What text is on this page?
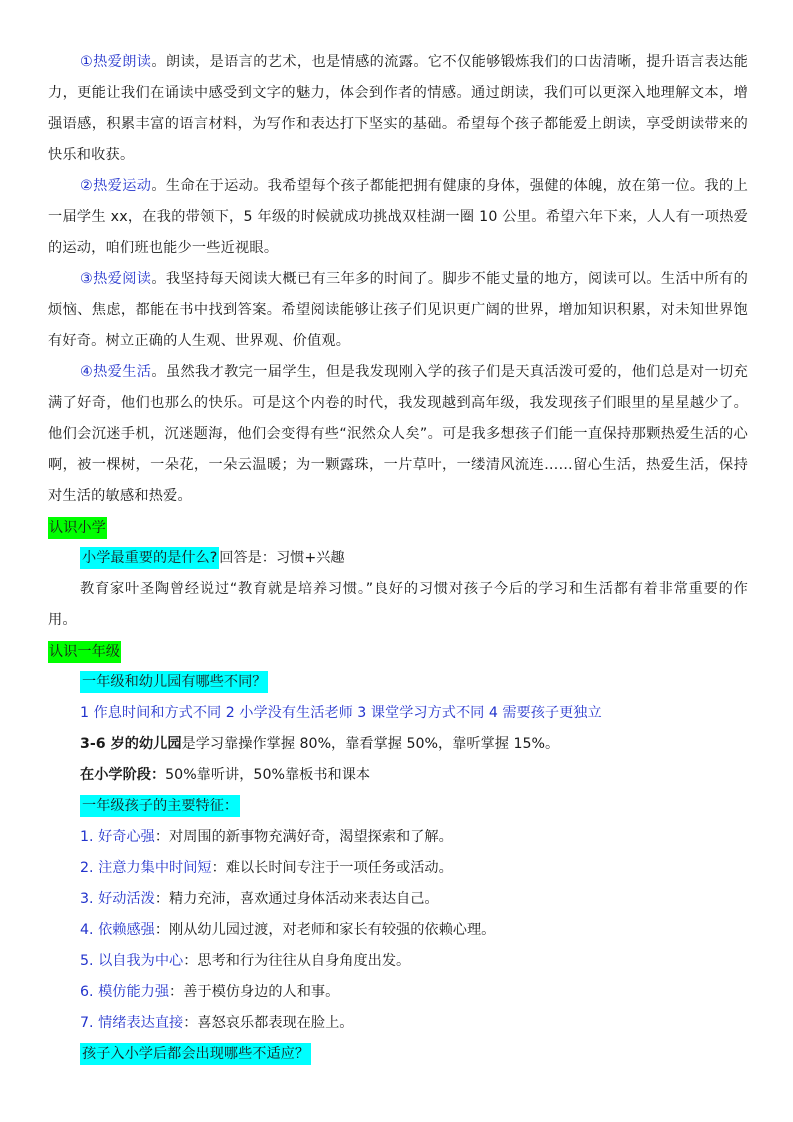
①热爱朗读。朗读，是语言的艺术，也是情感的流露。它不仅能够锻炼我们的口齿清晰，提升语言表达能力，更能让我们在诵读中感受到文字的魅力，体会到作者的情感。通过朗读，我们可以更深入地理解文本，增强语感，积累丰富的语言材料，为写作和表达打下坚实的基础。希望每个孩子都能爱上朗读，享受朗读带来的快乐和收获。

②热爱运动。生命在于运动。我希望每个孩子都能把拥有健康的身体，强健的体魄，放在第一位。我的上一届学生 xx，在我的带领下，5 年级的时候就成功挑战双桂湖一圈 10 公里。希望六年下来，人人有一项热爱的运动，咱们班也能少一些近视眼。

③热爱阅读。我坚持每天阅读大概已有三年多的时间了。脚步不能丈量的地方，阅读可以。生活中所有的烦恼、焦虑，都能在书中找到答案。希望阅读能够让孩子们见识更广阔的世界，增加知识积累，对未知世界饱有好奇。树立正确的人生观、世界观、价值观。

④热爱生活。虽然我才教完一届学生，但是我发现刚入学的孩子们是天真活泼可爱的，他们总是对一切充满了好奇，他们也那么的快乐。可是这个内卷的时代，我发现越到高年级，我发现孩子们眼里的星星越少了。他们会沉迷手机，沉迷题海，他们会变得有些“泯然众人矣”。可是我多想孩子们能一直保持那颗热爱生活的心啊，被一棵树，一朵花，一朵云温暖；为一颗露珠，一片草叶，一缕清风流连……留心生活，热爱生活，保持对生活的敏感和热爱。

认识小学

小学最重要的是什么? 回答是：习惯+兴趣

教育家叶圣陶曾经说过“教育就是培养习惯。”良好的习惯对孩子今后的学习和生活都有着非常重要的作用。

认识一年级

一年级和幼儿园有哪些不同？

1 作息时间和方式不同 2 小学没有生活老师 3 课堂学习方式不同 4 需要孩子更独立

3-6 岁的幼儿园是学习靠操作掌握 80%，靠看掌握 50%，靠听掌握 15%。

在小学阶段：50%靠听讲，50%靠板书和课本

一年级孩子的主要特征：

1. 好奇心强：对周围的新事物充满好奇，渴望探索和了解。

2. 注意力集中时间短：难以长时间专注于一项任务或活动。

3. 好动活泼：精力充沛，喜欢通过身体活动来表达自己。

4. 依赖感强：刚从幼儿园过渡，对老师和家长有较强的依赖心理。

5. 以自我为中心：思考和行为往往从自身角度出发。

6. 模仿能力强：善于模仿身边的人和事。

7. 情绪表达直接：喜怒哀乐都表现在脸上。

孩子入小学后都会出现哪些不适应？
